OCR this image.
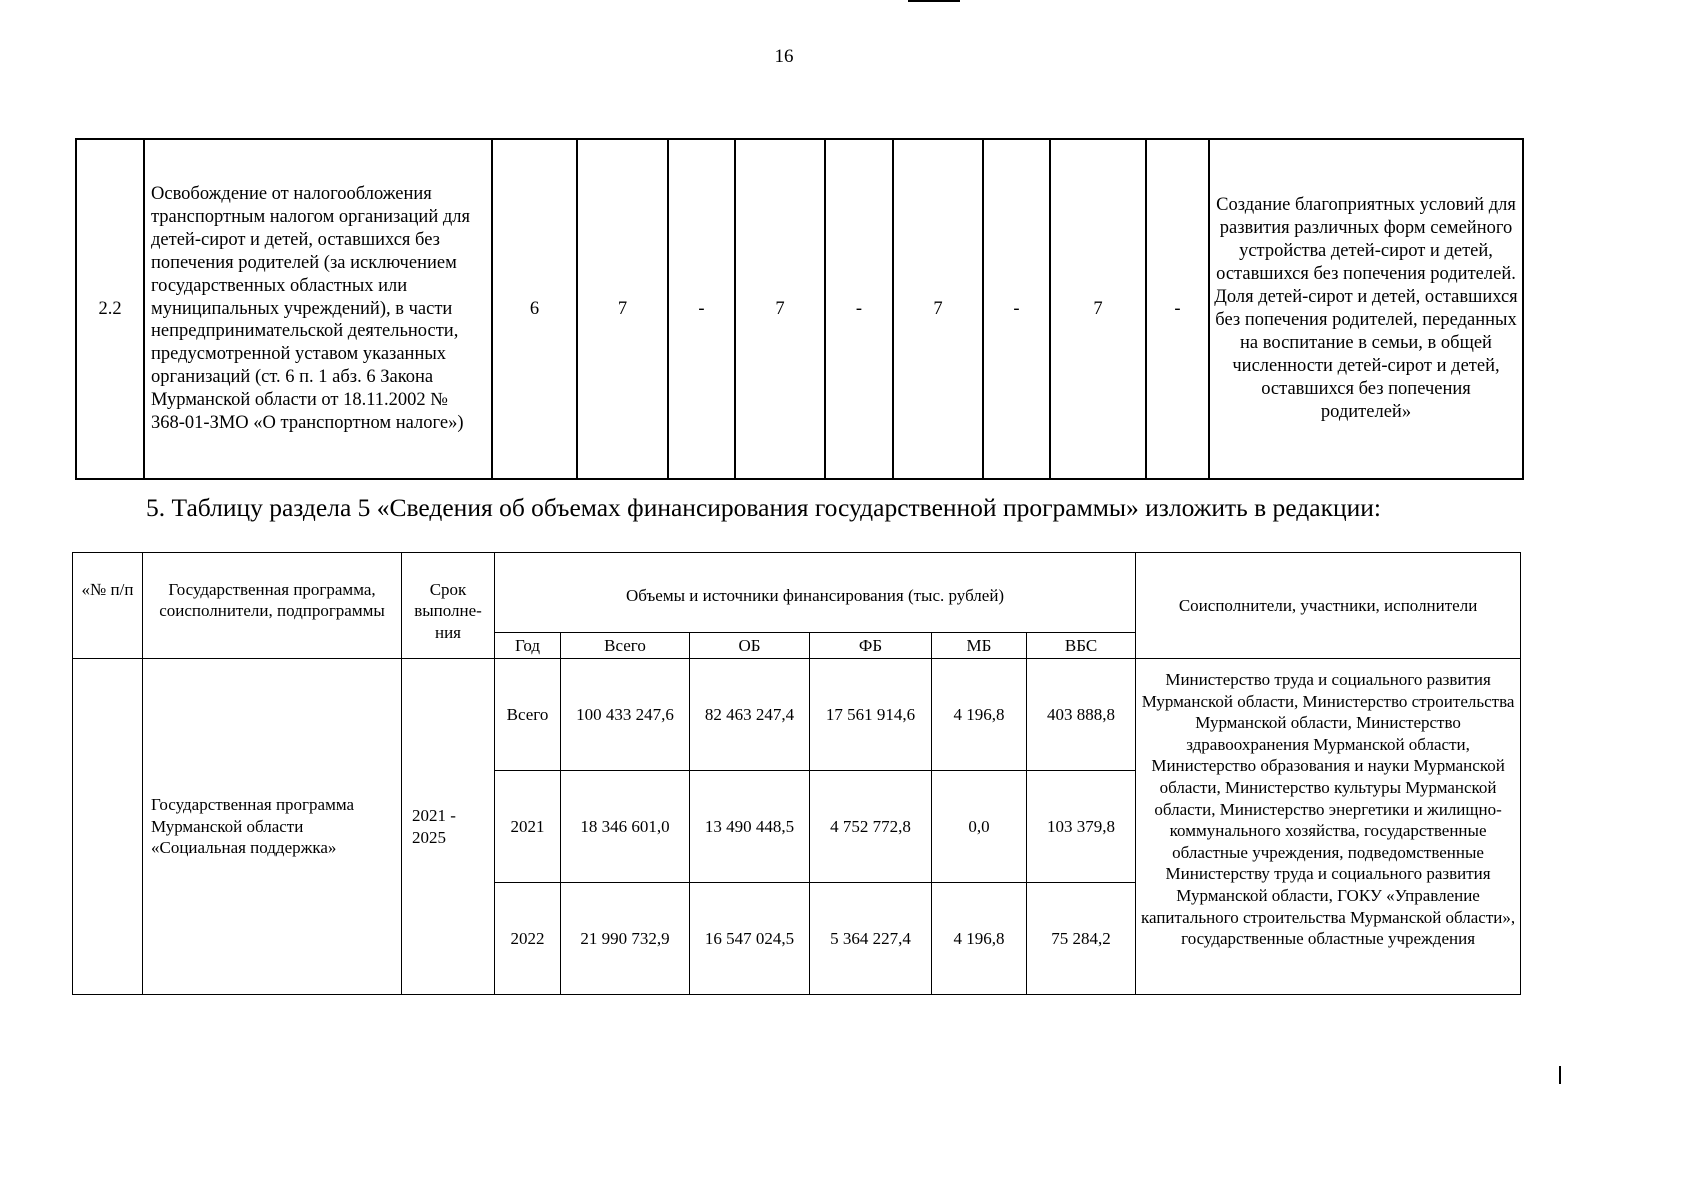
16
2.2	Освобождение от налогообложения транспортным налогом организаций для детей-сирот и детей, оставшихся без попечения родителей (за исключением государственных областных или муниципальных учреждений), в части непредпринимательской деятельности, предусмотренной уставом указанных организаций (ст. 6 п. 1 абз. 6 Закона Мурманской области от 18.11.2002 № 368-01-ЗМО «О транспортном налоге»)	6	7	-	7	-	7	-	7	-	Создание благоприятных условий для развития различных форм семейного устройства детей-сирот и детей, оставшихся без попечения родителей. Доля детей-сирот и детей, оставшихся без попечения родителей, переданных на воспитание в семьи, в общей численности детей-сирот и детей, оставшихся без попечения родителей»
5. Таблицу раздела 5 «Сведения об объемах финансирования государственной программы» изложить в редакции:
«№ п/п	Государственная программа, соисполнители, подпрограммы	Срок выполне-ния	Объемы и источники финансирования (тыс. рублей)						Соисполнители, участники, исполнители
			Год	Всего	ОБ	ФБ	МБ	ВБС	
	Государственная программа Мурманской области «Социальная поддержка»	2021 - 2025	Всего	100 433 247,6	82 463 247,4	17 561 914,6	4 196,8	403 888,8	Министерство труда и социального развития Мурманской области, Министерство строительства Мурманской области, Министерство здравоохранения Мурманской области, Министерство образования и науки Мурманской области, Министерство культуры Мурманской области, Министерство энергетики и жилищно-коммунального хозяйства, государственные областные учреждения, подведомственные Министерству труда и социального развития Мурманской области, ГОКУ «Управление капитального строительства Мурманской области», государственные областные учреждения
			2021	18 346 601,0	13 490 448,5	4 752 772,8	0,0	103 379,8	
			2022	21 990 732,9	16 547 024,5	5 364 227,4	4 196,8	75 284,2	
